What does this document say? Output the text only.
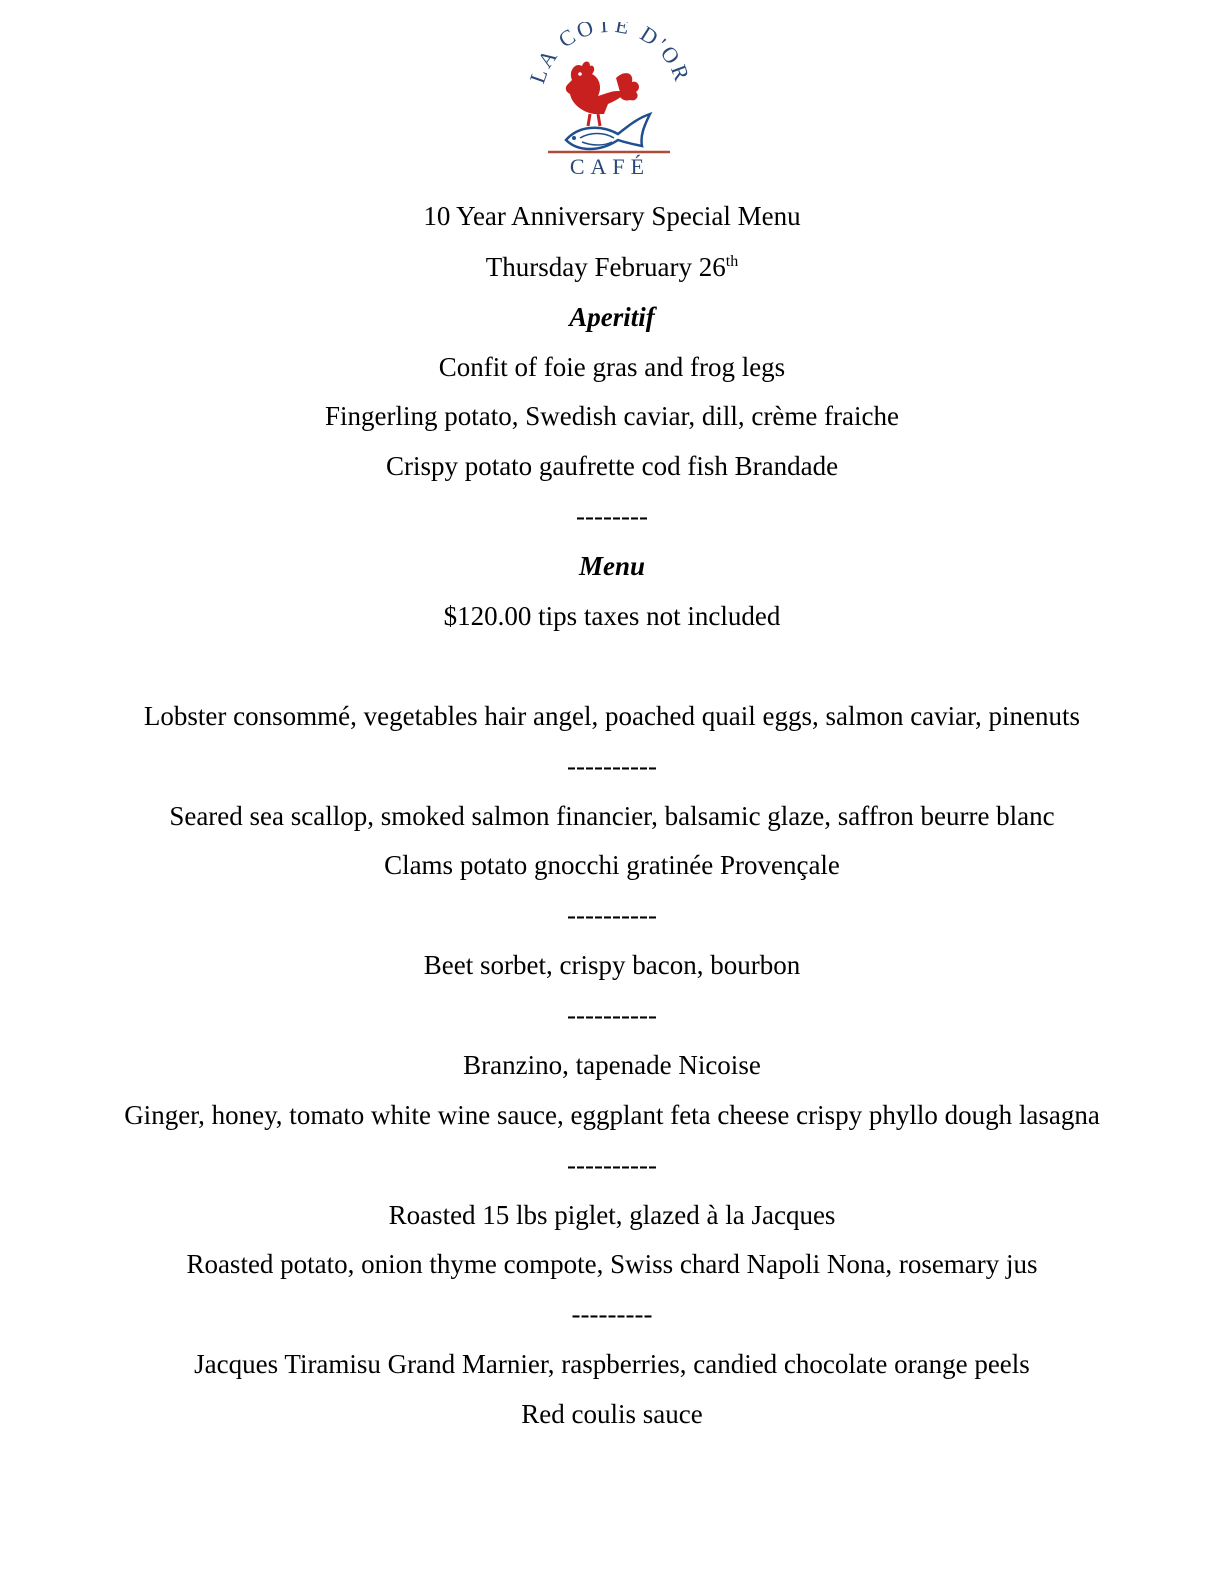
LA CÔTE D'OR
CAFÉ
10 Year Anniversary Special Menu
Thursday February 26th
Aperitif
Confit of foie gras and frog legs
Fingerling potato, Swedish caviar, dill, crème fraiche
Crispy potato gaufrette cod fish Brandade
--------
Menu
$120.00 tips taxes not included
Lobster consommé, vegetables hair angel, poached quail eggs, salmon caviar, pinenuts
----------
Seared sea scallop, smoked salmon financier, balsamic glaze, saffron beurre blanc
Clams potato gnocchi gratinée Provençale
----------
Beet sorbet, crispy bacon, bourbon
----------
Branzino, tapenade Nicoise
Ginger, honey, tomato white wine sauce, eggplant feta cheese crispy phyllo dough lasagna
----------
Roasted 15 lbs piglet, glazed à la Jacques
Roasted potato, onion thyme compote, Swiss chard Napoli Nona, rosemary jus
---------
Jacques Tiramisu Grand Marnier, raspberries, candied chocolate orange peels
Red coulis sauce
